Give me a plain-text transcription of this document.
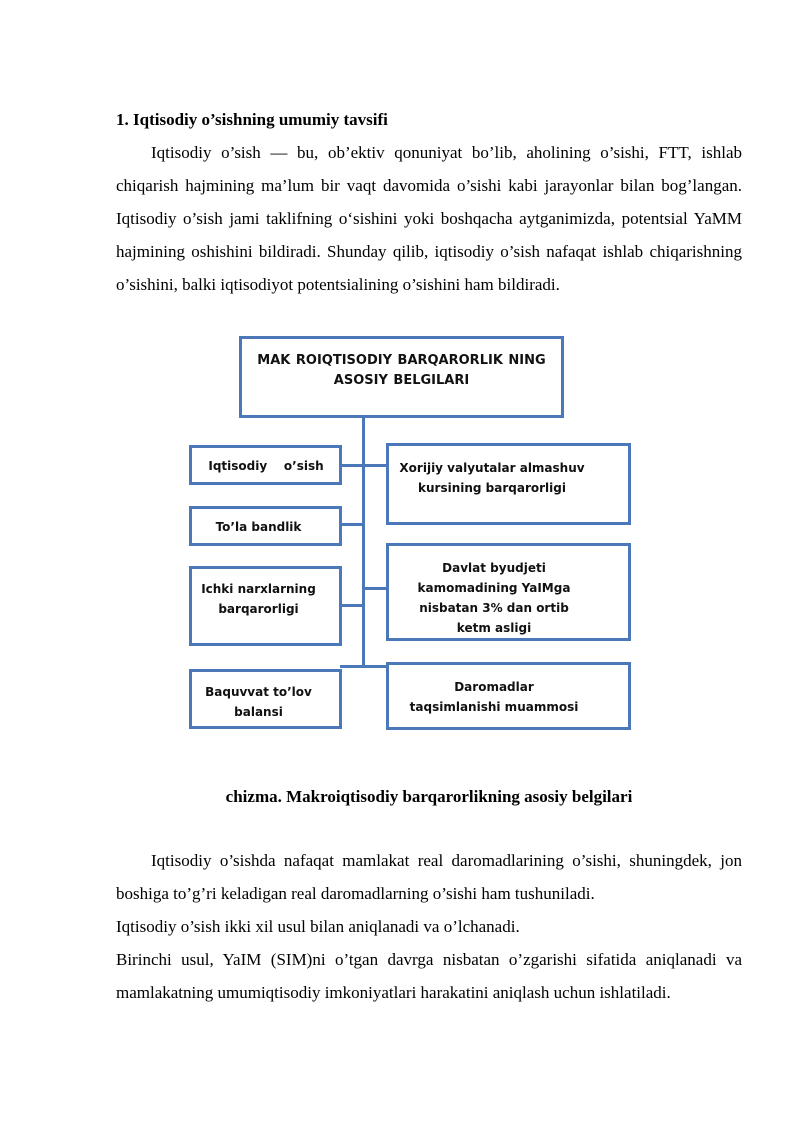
1. Iqtisodiy o’sishning umumiy tavsifi

Iqtisodiy o’sish — bu, ob’ektiv qonuniyat bo’lib, aholining o’sishi, FTT, ishlab chiqarish hajmining ma’lum bir vaqt davomida o’sishi kabi jarayonlar bilan bog’langan. Iqtisodiy o’sish jami taklifning o‘sishini yoki boshqacha aytganimizda, potentsial YaMM hajmining oshishini bildiradi. Shunday qilib, iqtisodiy o’sish nafaqat ishlab chiqarishning o’sishini, balki iqtisodiyot potentsialining o’sishini ham bildiradi.

MAK ROIQTISODIY BARQARORLIK NING ASOSIY BELGILARI
Iqtisodiy    o’sish
To’la bandlik
Ichki narxlarning barqarorligi
Baquvvat to’lov balansi
Xorijiy valyutalar almashuv kursining barqarorligi
Davlat byudjeti kamomadining YaIMga nisbatan 3% dan ortib ketm asligi
Daromadlar taqsimlanishi muammosi
chizma. Makroiqtisodiy barqarorlikning asosiy belgilari

Iqtisodiy o’sishda nafaqat mamlakat real daromadlarining o’sishi, shuningdek, jon boshiga to’g’ri keladigan real daromadlarning o’sishi ham tushuniladi.

Iqtisodiy o’sish ikki xil usul bilan aniqlanadi va o’lchanadi.

Birinchi usul, YaIM (SIM)ni o’tgan davrga nisbatan o’zgarishi sifatida aniqlanadi va mamlakatning umumiqtisodiy imkoniyatlari harakatini aniqlash uchun ishlatiladi.
